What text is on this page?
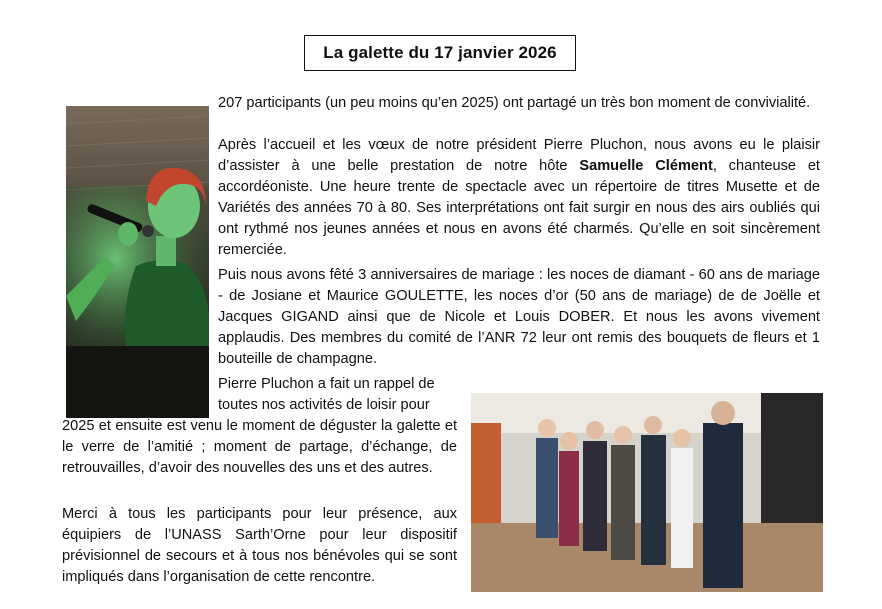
La galette du 17 janvier 2026

207 participants (un peu moins qu’en 2025) ont partagé un très bon moment de convivialité.

Après l’accueil et les vœux de notre président Pierre Pluchon, nous avons eu le plaisir d’assister à une belle prestation de notre hôte Samuelle Clément, chanteuse et accordéoniste. Une heure trente de spectacle avec un répertoire de titres Musette et de Variétés des années 70 à 80. Ses interprétations ont fait surgir en nous des airs oubliés qui ont rythmé nos jeunes années et nous en avons été charmés. Qu’elle en soit sincèrement remerciée.

Puis nous avons fêté 3 anniversaires de mariage : les noces de diamant - 60 ans de mariage - de Josiane et Maurice GOULETTE, les noces d’or (50 ans de mariage) de de Joëlle et Jacques GIGAND ainsi que de Nicole et Louis DOBER. Et nous les avons vivement applaudis. Des membres du comité de l’ANR 72 leur ont remis des bouquets de fleurs et 1 bouteille de champagne.

Pierre Pluchon a fait un rappel de
toutes nos activités de loisir pour
2025 et ensuite est venu le moment de déguster la galette et le verre de l’amitié ; moment de partage, d’échange, de retrouvailles, d’avoir des nouvelles des uns et des autres.

Merci à tous les participants pour leur présence, aux équipiers de l’UNASS Sarth’Orne pour leur dispositif prévisionnel de secours et à tous nos bénévoles qui se sont impliqués dans l’organisation de cette rencontre.
